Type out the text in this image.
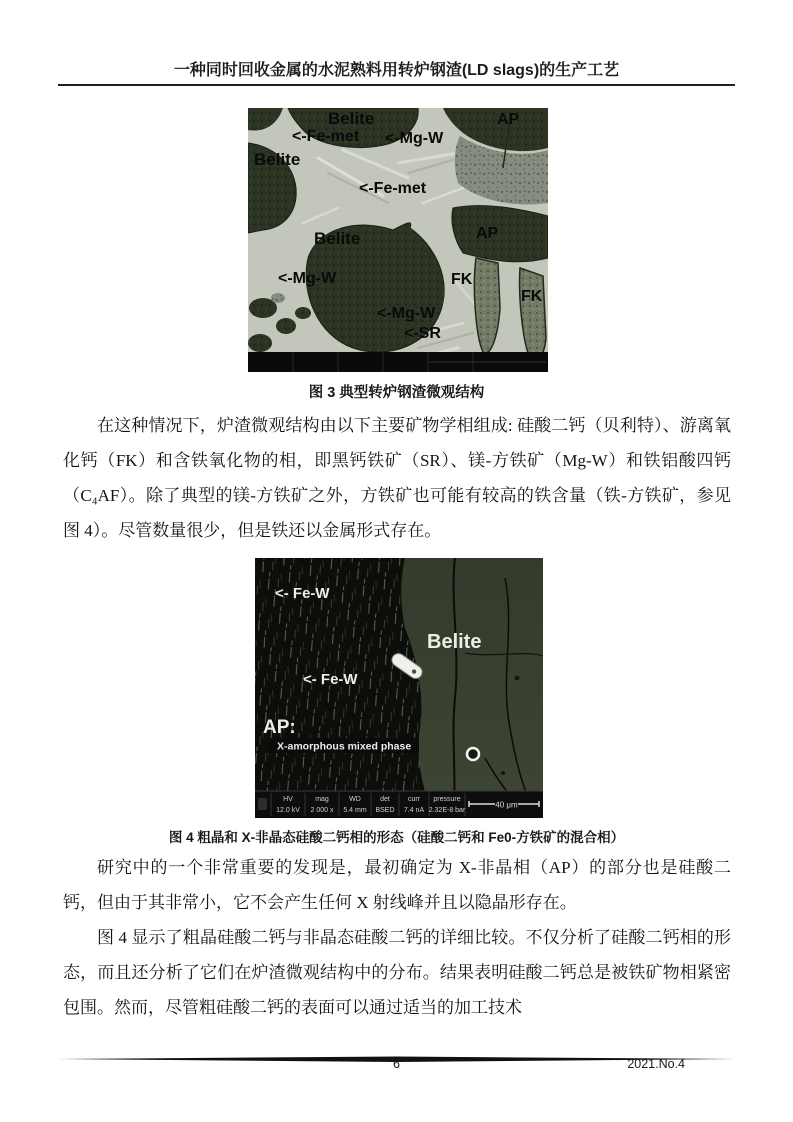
一种同时回收金属的水泥熟料用转炉钢渣(LD slags)的生产工艺
Belite	AP
<-Fe-met <-Mg-W
Belite
<-Fe-met
Belite	AP
<-Mg-W	FK
FK
<-Mg-W
<-SR
图 3 典型转炉钢渣微观结构

在这种情况下，炉渣微观结构由以下主要矿物学相组成: 硅酸二钙（贝利特）、游离氧化钙（FK）和含铁氧化物的相，即黑钙铁矿（SR）、镁-方铁矿（Mg-W）和铁铝酸四钙（C₄AF）。除了典型的镁-方铁矿之外，方铁矿也可能有较高的铁含量（铁-方铁矿，参见图 4）。尽管数量很少，但是铁还以金属形式存在。

<- Fe-W
Belite
<- Fe-W
AP:
X-amorphous mixed phase
HV	mag	WD	det	curr pressure
12.0 kV 2 000 x 5.4 mm BSED 7.4 nA 2.32E-8 bar
40 μm
图 4 粗晶和 X-非晶态硅酸二钙相的形态（硅酸二钙和 Fe0-方铁矿的混合相）

研究中的一个非常重要的发现是，最初确定为 X-非晶相（AP）的部分也是硅酸二钙，但由于其非常小，它不会产生任何 X 射线峰并且以隐晶形存在。

图 4 显示了粗晶硅酸二钙与非晶态硅酸二钙的详细比较。不仅分析了硅酸二钙相的形态，而且还分析了它们在炉渣微观结构中的分布。结果表明硅酸二钙总是被铁矿物相紧密包围。然而，尽管粗硅酸二钙的表面可以通过适当的加工技术

6	2021.No.4
